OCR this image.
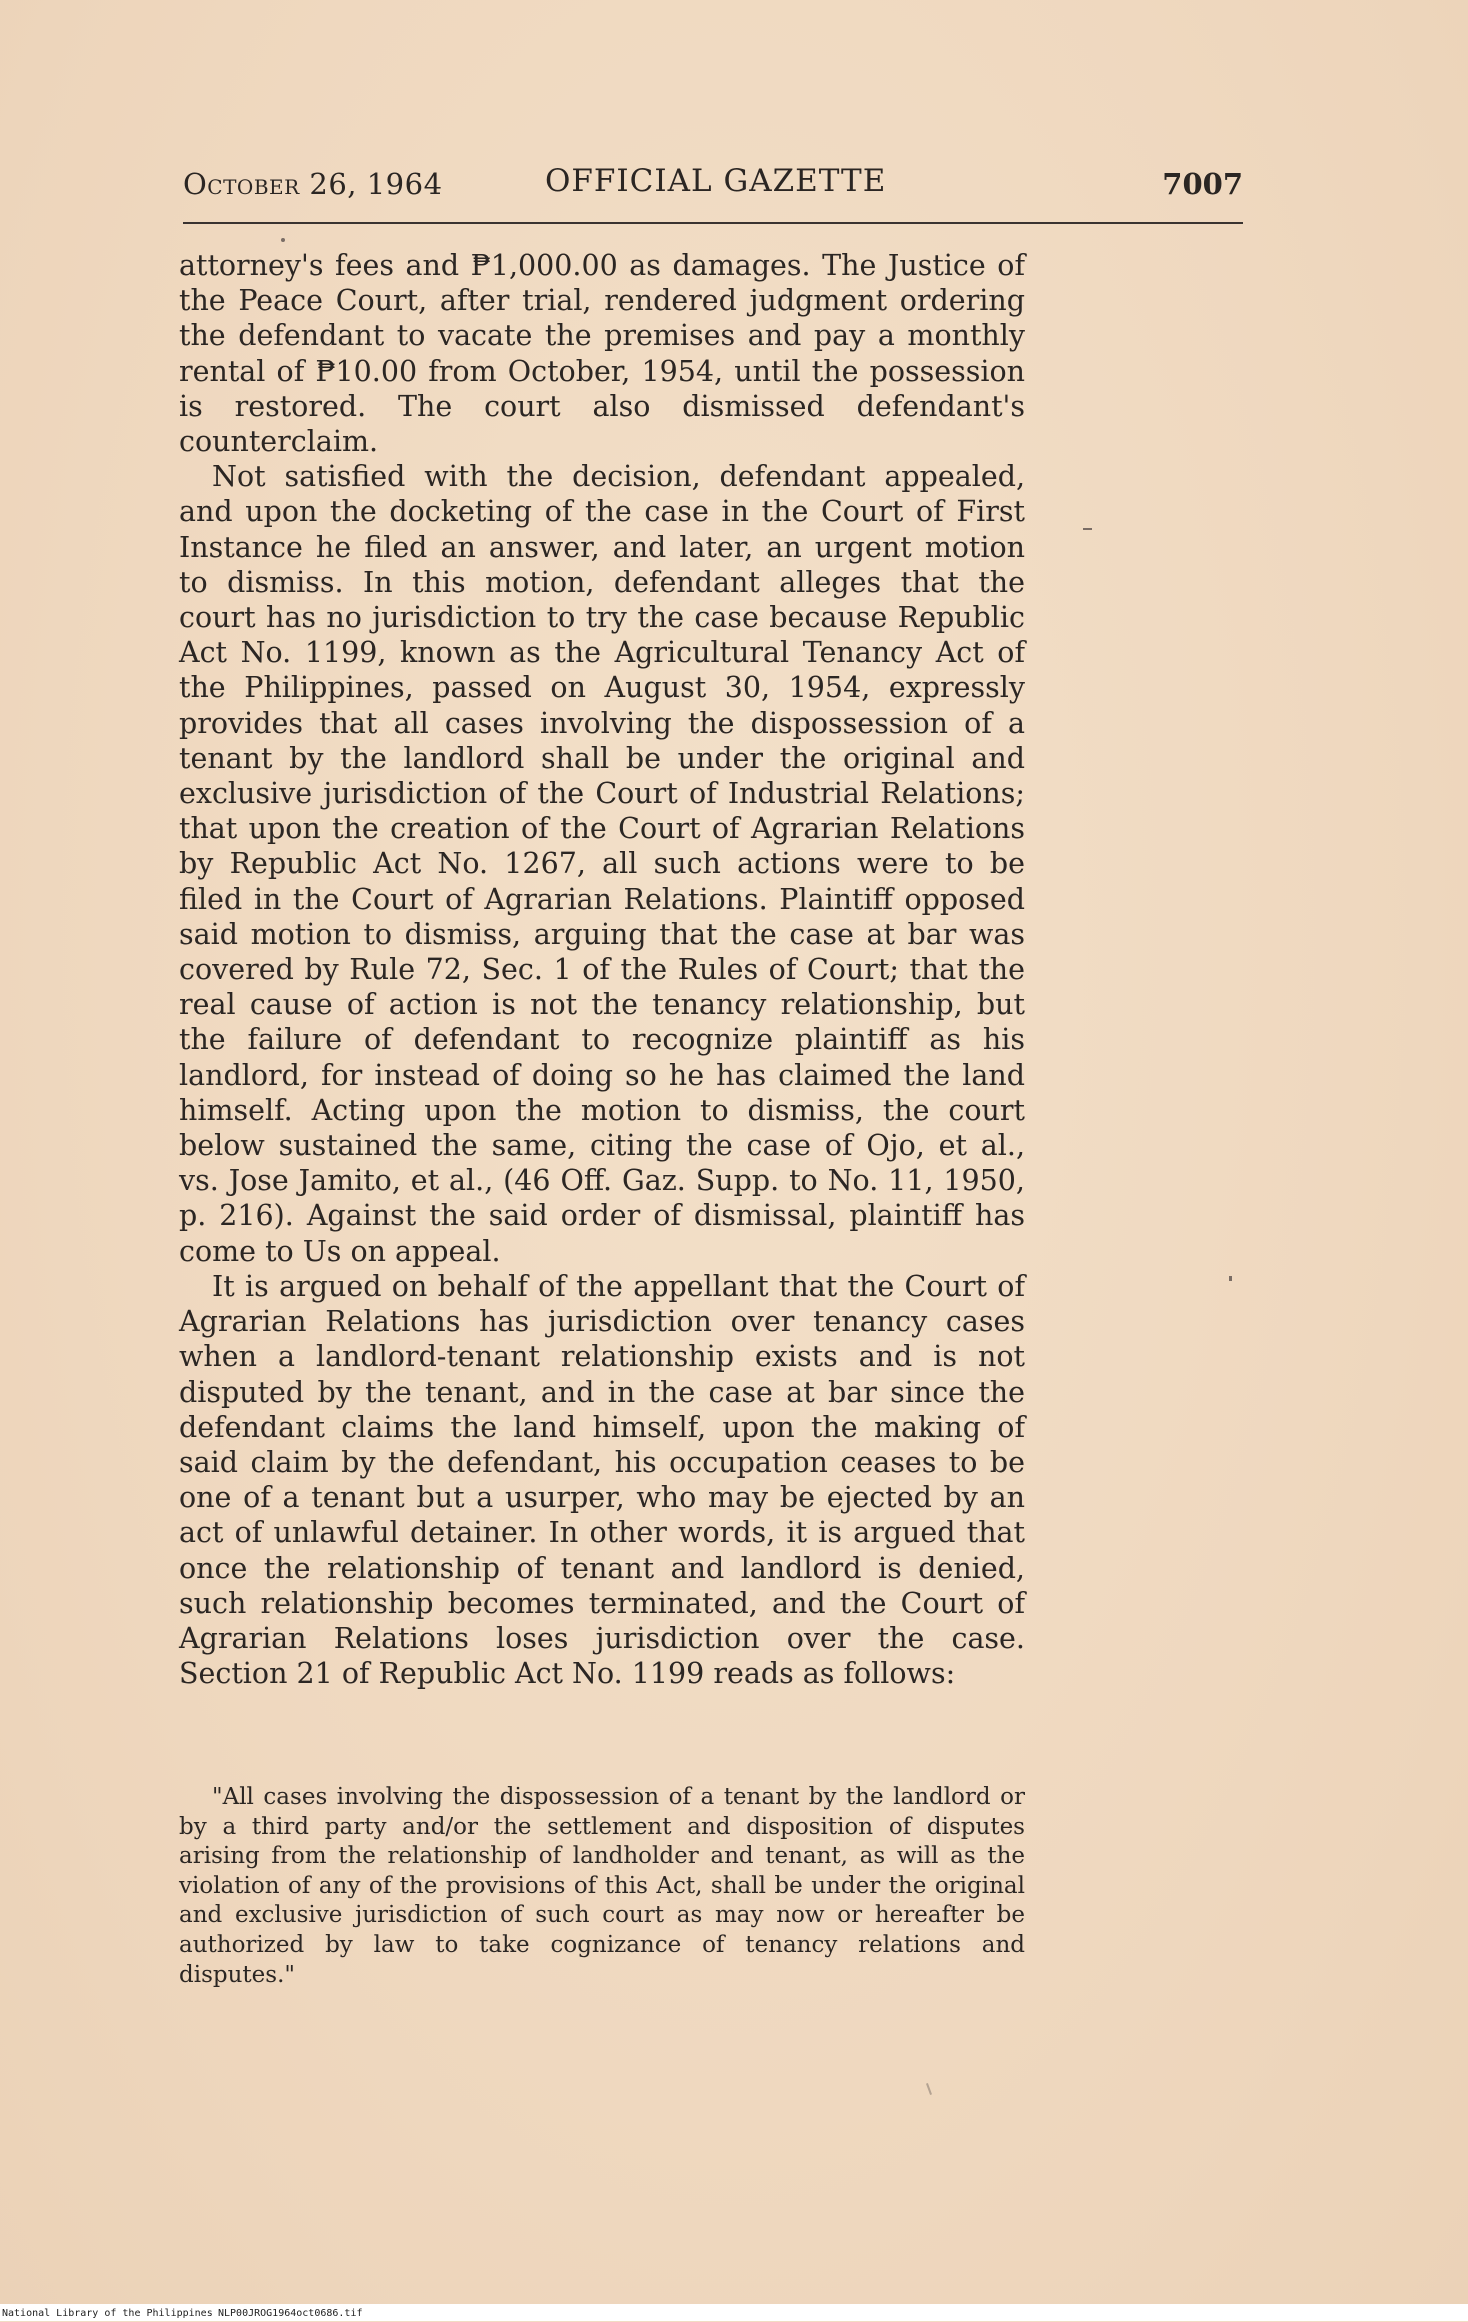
October 26, 1964	OFFICIAL GAZETTE	7007

attorney's fees and ₱1,000.00 as damages. The Justice of the Peace Court, after trial, rendered judgment ordering the defendant to vacate the premises and pay a monthly rental of ₱10.00 from October, 1954, until the possession is restored. The court also dismissed defendant's counterclaim.

Not satisfied with the decision, defendant appealed, and upon the docketing of the case in the Court of First Instance he filed an answer, and later, an urgent motion to dismiss. In this motion, defendant alleges that the court has no jurisdiction to try the case because Republic Act No. 1199, known as the Agricultural Tenancy Act of the Philippines, passed on August 30, 1954, expressly provides that all cases involving the dispossession of a tenant by the landlord shall be under the original and exclusive jurisdiction of the Court of Industrial Relations; that upon the creation of the Court of Agrarian Relations by Republic Act No. 1267, all such actions were to be filed in the Court of Agrarian Relations. Plaintiff opposed said motion to dismiss, arguing that the case at bar was covered by Rule 72, Sec. 1 of the Rules of Court; that the real cause of action is not the tenancy relationship, but the failure of defendant to recognize plaintiff as his landlord, for instead of doing so he has claimed the land himself. Acting upon the motion to dismiss, the court below sustained the same, citing the case of Ojo, et al., vs. Jose Jamito, et al., (46 Off. Gaz. Supp. to No. 11, 1950, p. 216). Against the said order of dismissal, plaintiff has come to Us on appeal.

It is argued on behalf of the appellant that the Court of Agrarian Relations has jurisdiction over tenancy cases when a landlord-tenant relationship exists and is not disputed by the tenant, and in the case at bar since the defendant claims the land himself, upon the making of said claim by the defendant, his occupation ceases to be one of a tenant but a usurper, who may be ejected by an act of unlawful detainer. In other words, it is argued that once the relationship of tenant and landlord is denied, such relationship becomes terminated, and the Court of Agrarian Relations loses jurisdiction over the case. Section 21 of Republic Act No. 1199 reads as follows:

"All cases involving the dispossession of a tenant by the landlord or by a third party and/or the settlement and disposition of disputes arising from the relationship of landholder and tenant, as will as the violation of any of the provisions of this Act, shall be under the original and exclusive jurisdiction of such court as may now or hereafter be authorized by law to take cognizance of tenancy relations and disputes."

National Library of the Philippines NLP00JROG1964oct0686.tif
